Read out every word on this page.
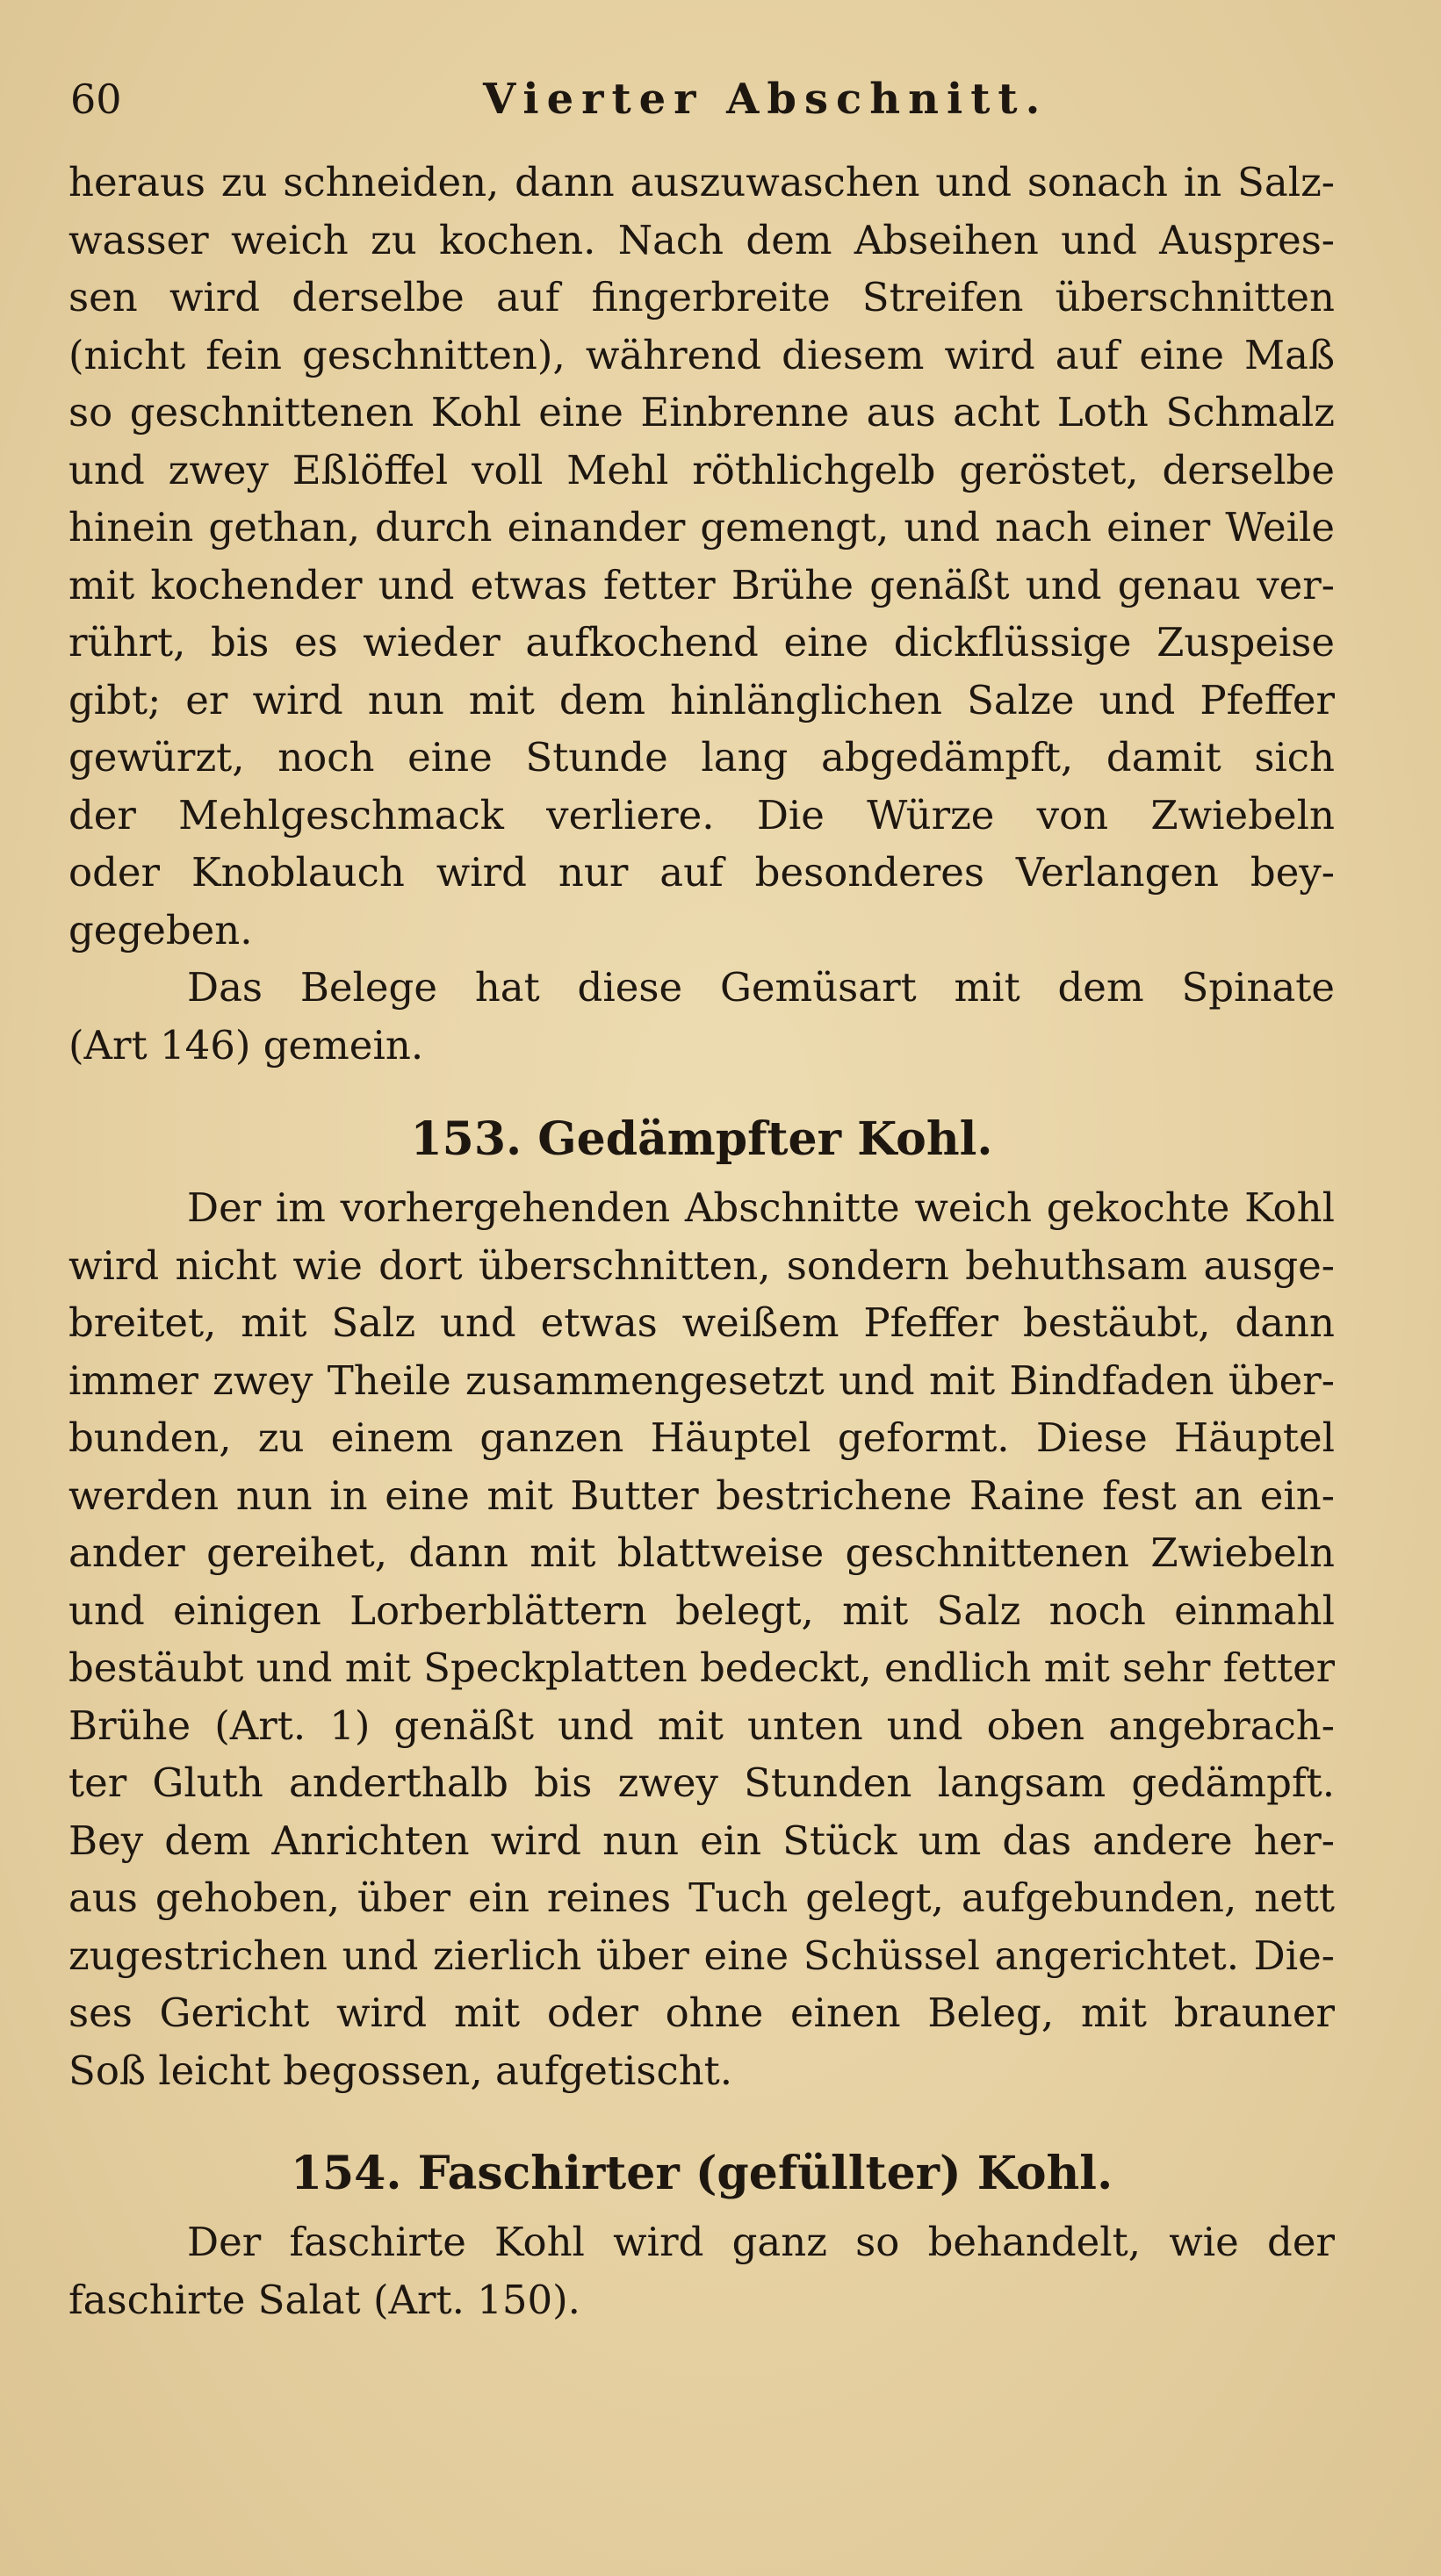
60	Vierter Abschnitt.
heraus zu schneiden, dann auszuwaschen und sonach in Salz-
wasser weich zu kochen. Nach dem Abseihen und Auspres-
sen wird derselbe auf fingerbreite Streifen überschnitten
(nicht fein geschnitten), während diesem wird auf eine Maß
so geschnittenen Kohl eine Einbrenne aus acht Loth Schmalz
und zwey Eßlöffel voll Mehl röthlichgelb geröstet, derselbe
hinein gethan, durch einander gemengt, und nach einer Weile
mit kochender und etwas fetter Brühe genäßt und genau ver-
rührt, bis es wieder aufkochend eine dickflüssige Zuspeise
gibt; er wird nun mit dem hinlänglichen Salze und Pfeffer
gewürzt, noch eine Stunde lang abgedämpft, damit sich
der Mehlgeschmack verliere. Die Würze von Zwiebeln
oder Knoblauch wird nur auf besonderes Verlangen bey-
gegeben.
Das Belege hat diese Gemüsart mit dem Spinate
(Art 146) gemein.
153. Gedämpfter Kohl.
Der im vorhergehenden Abschnitte weich gekochte Kohl
wird nicht wie dort überschnitten, sondern behuthsam ausge-
breitet, mit Salz und etwas weißem Pfeffer bestäubt, dann
immer zwey Theile zusammengesetzt und mit Bindfaden über-
bunden, zu einem ganzen Häuptel geformt. Diese Häuptel
werden nun in eine mit Butter bestrichene Raine fest an ein-
ander gereihet, dann mit blattweise geschnittenen Zwiebeln
und einigen Lorberblättern belegt, mit Salz noch einmahl
bestäubt und mit Speckplatten bedeckt, endlich mit sehr fetter
Brühe (Art. 1) genäßt und mit unten und oben angebrach-
ter Gluth anderthalb bis zwey Stunden langsam gedämpft.
Bey dem Anrichten wird nun ein Stück um das andere her-
aus gehoben, über ein reines Tuch gelegt, aufgebunden, nett
zugestrichen und zierlich über eine Schüssel angerichtet. Die-
ses Gericht wird mit oder ohne einen Beleg, mit brauner
Soß leicht begossen, aufgetischt.
154. Faschirter (gefüllter) Kohl.
Der faschirte Kohl wird ganz so behandelt, wie der
faschirte Salat (Art. 150).
